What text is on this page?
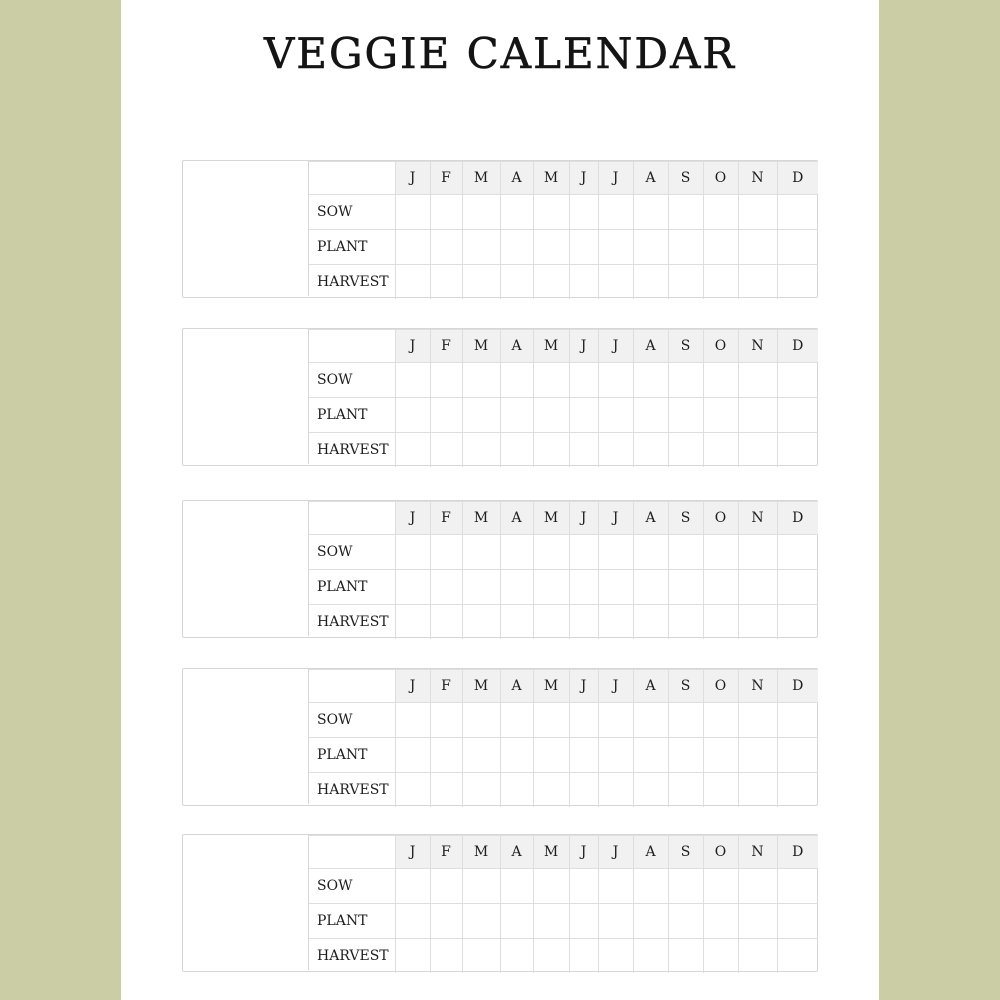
VEGGIE CALENDAR
	J	F	M	A	M	J	J	A	S	O	N	D
SOW												
PLANT												
HARVEST												
	J	F	M	A	M	J	J	A	S	O	N	D
SOW												
PLANT												
HARVEST												
	J	F	M	A	M	J	J	A	S	O	N	D
SOW												
PLANT												
HARVEST												
	J	F	M	A	M	J	J	A	S	O	N	D
SOW												
PLANT												
HARVEST												
	J	F	M	A	M	J	J	A	S	O	N	D
SOW												
PLANT												
HARVEST												
